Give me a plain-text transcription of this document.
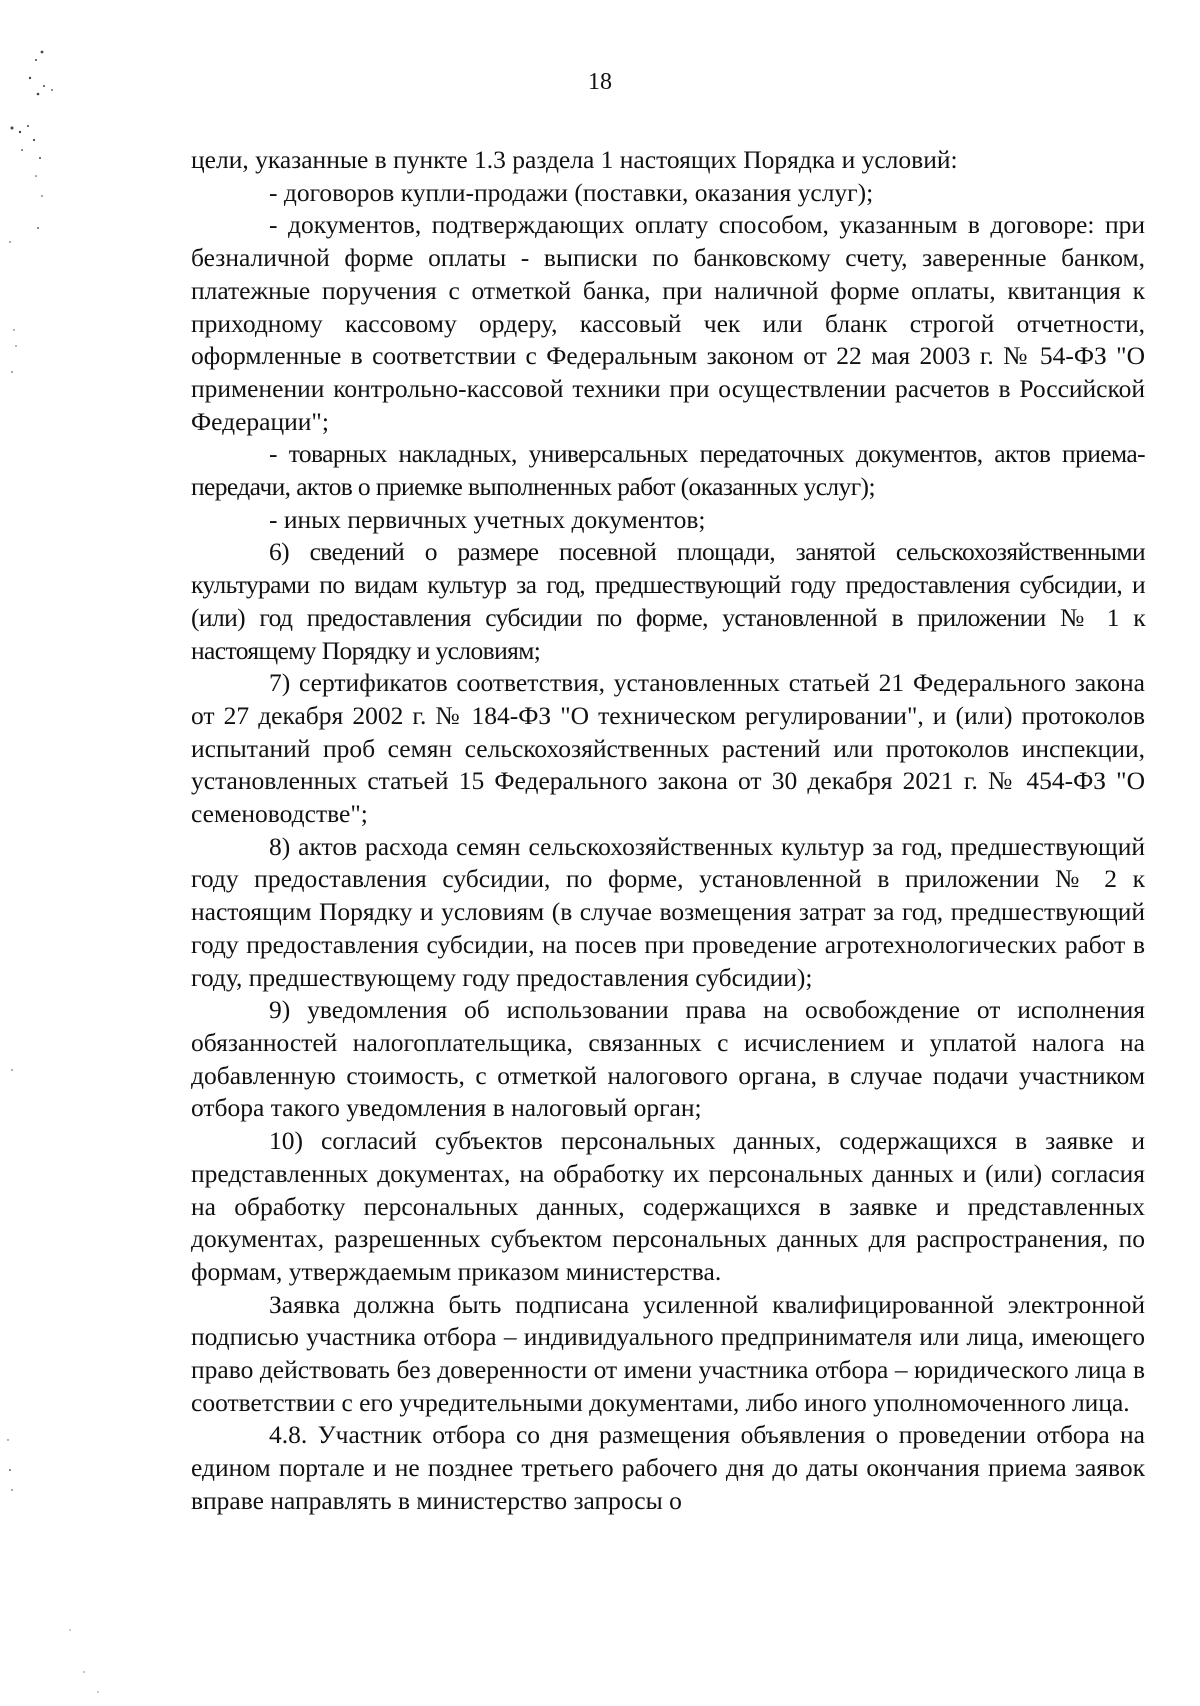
18

цели, указанные в пункте 1.3 раздела 1 настоящих Порядка и условий:

- договоров купли-продажи (поставки, оказания услуг);

- документов, подтверждающих оплату способом, указанным в договоре: при безналичной форме оплаты - выписки по банковскому счету, заверенные банком, платежные поручения с отметкой банка, при наличной форме оплаты, квитанция к приходному кассовому ордеру, кассовый чек или бланк строгой отчетности, оформленные в соответствии с Федеральным законом от 22 мая 2003 г. № 54-ФЗ "О применении контрольно-кассовой техники при осуществлении расчетов в Российской Федерации";

- товарных накладных, универсальных передаточных документов, актов приема-передачи, актов о приемке выполненных работ (оказанных услуг);

- иных первичных учетных документов;

6) сведений о размере посевной площади, занятой сельскохозяйственными культурами по видам культур за год, предшествующий году предоставления субсидии, и (или) год предоставления субсидии по форме, установленной в приложении № 1 к настоящему Порядку и условиям;

7) сертификатов соответствия, установленных статьей 21 Федерального закона от 27 декабря 2002 г. № 184-ФЗ "О техническом регулировании", и (или) протоколов испытаний проб семян сельскохозяйственных растений или протоколов инспекции, установленных статьей 15 Федерального закона от 30 декабря 2021 г. № 454-ФЗ "О семеноводстве";

8) актов расхода семян сельскохозяйственных культур за год, предшествующий году предоставления субсидии, по форме, установленной в приложении № 2 к настоящим Порядку и условиям (в случае возмещения затрат за год, предшествующий году предоставления субсидии, на посев при проведение агротехнологических работ в году, предшествующему году предоставления субсидии);

9) уведомления об использовании права на освобождение от исполнения обязанностей налогоплательщика, связанных с исчислением и уплатой налога на добавленную стоимость, с отметкой налогового органа, в случае подачи участником отбора такого уведомления в налоговый орган;

10) согласий субъектов персональных данных, содержащихся в заявке и представленных документах, на обработку их персональных данных и (или) согласия на обработку персональных данных, содержащихся в заявке и представленных документах, разрешенных субъектом персональных данных для распространения, по формам, утверждаемым приказом министерства.

Заявка должна быть подписана усиленной квалифицированной электронной подписью участника отбора – индивидуального предпринимателя или лица, имеющего право действовать без доверенности от имени участника отбора – юридического лица в соответствии с его учредительными документами, либо иного уполномоченного лица.

4.8. Участник отбора со дня размещения объявления о проведении отбора на едином портале и не позднее третьего рабочего дня до даты окончания приема заявок вправе направлять в министерство запросы о
